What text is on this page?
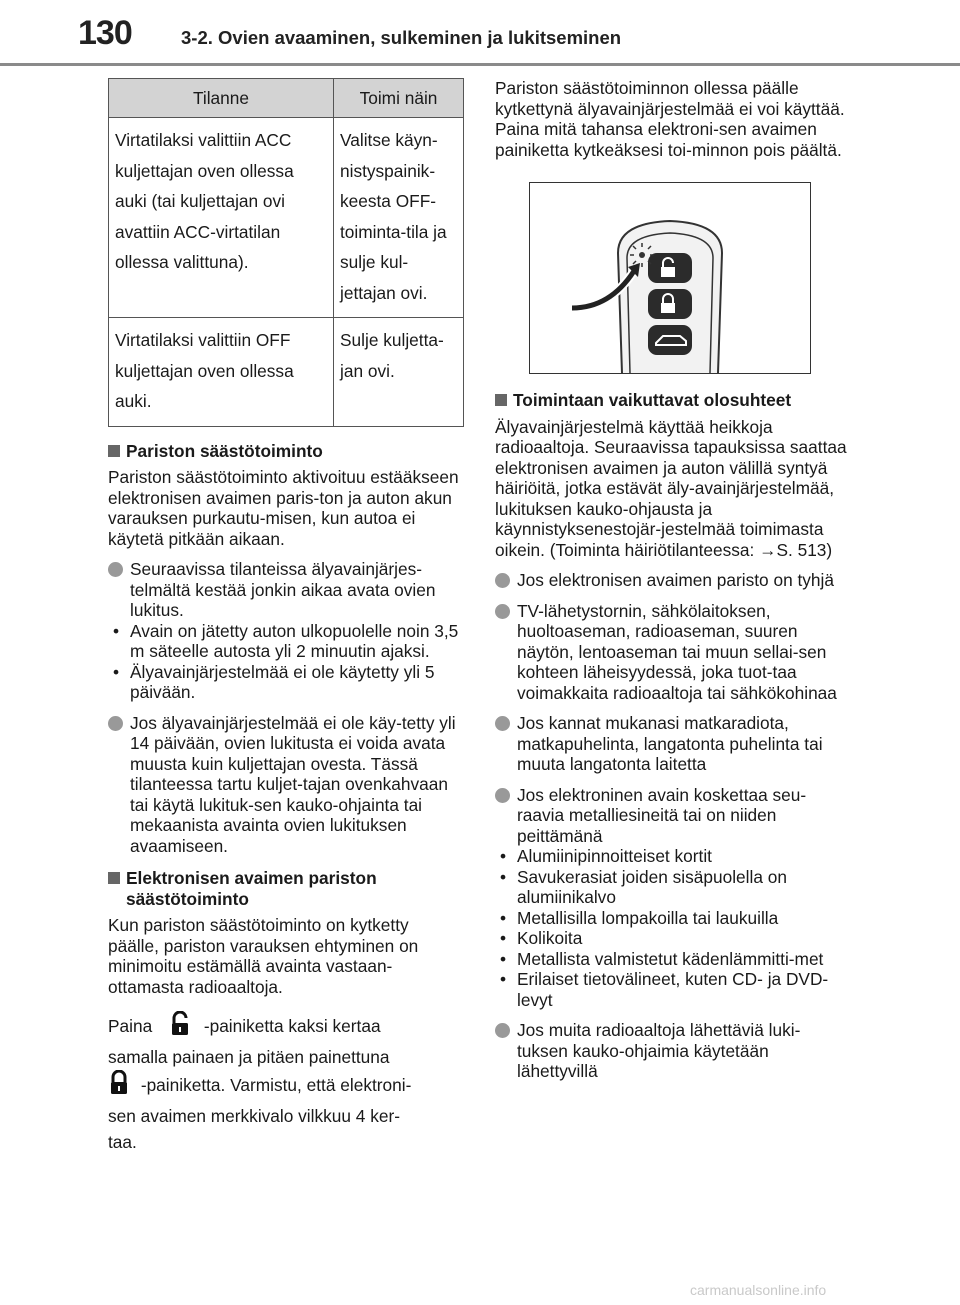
130	3-2. Ovien avaaminen, sulkeminen ja lukitseminen
Tilanne	Toimi näin
Virtatilaksi valittiin ACC kuljettajan oven ollessa auki (tai kuljettajan ovi avattiin ACC-virtatilan ollessa valittuna).	Valitse käyn-nistyspainik-keesta OFF-toiminta-tila ja sulje kul-jettajan ovi.
Virtatilaksi valittiin OFF kuljettajan oven ollessa auki.	Sulje kuljetta-jan ovi.
Pariston säästötoiminto
Pariston säästötoiminto aktivoituu estääkseen elektronisen avaimen paris-ton ja auton akun varauksen purkautu-misen, kun autoa ei käytetä pitkään aikaan.
Seuraavissa tilanteissa älyavainjärjes-telmältä kestää jonkin aikaa avata ovien lukitus.
• Avain on jätetty auton ulkopuolelle noin 3,5 m säteelle autosta yli 2 minuutin ajaksi.
• Älyavainjärjestelmää ei ole käytetty yli 5 päivään.
Jos älyavainjärjestelmää ei ole käy-tetty yli 14 päivään, ovien lukitusta ei voida avata muusta kuin kuljettajan ovesta. Tässä tilanteessa tartu kuljet-tajan ovenkahvaan tai käytä lukituk-sen kauko-ohjainta tai mekaanista avainta ovien lukituksen avaamiseen.
Elektronisen avaimen pariston säästötoiminto
Kun pariston säästötoiminto on kytketty päälle, pariston varauksen ehtyminen on minimoitu estämällä avainta vastaan-ottamasta radioaaltoja.
Paina	-painiketta kaksi kertaa
samalla painaen ja pitäen painettuna
-painiketta. Varmistu, että elektroni-
sen avaimen merkkivalo vilkkuu 4 ker-
taa.
Pariston säästötoiminnon ollessa päälle kytkettynä älyavainjärjestelmää ei voi käyttää. Paina mitä tahansa elektroni-sen avaimen painiketta kytkeäksesi toi-minnon pois päältä.
Toimintaan vaikuttavat olosuhteet
Älyavainjärjestelmä käyttää heikkoja radioaaltoja. Seuraavissa tapauksissa saattaa elektronisen avaimen ja auton välillä syntyä häiriöitä, jotka estävät äly-avainjärjestelmää, lukituksen kauko-ohjausta ja käynnistyksenestojär-jestelmää toimimasta oikein. (Toiminta häiriötilanteessa: →S. 513)
Jos elektronisen avaimen paristo on tyhjä
TV-lähetystornin, sähkölaitoksen, huoltoaseman, radioaseman, suuren näytön, lentoaseman tai muun sellai-sen kohteen läheisyydessä, joka tuot-taa voimakkaita radioaaltoja tai sähkökohinaa
Jos kannat mukanasi matkaradiota, matkapuhelinta, langatonta puhelinta tai muuta langatonta laitetta
Jos elektroninen avain koskettaa seu-raavia metalliesineitä tai on niiden peittämänä
• Alumiinipinnoitteiset kortit
• Savukerasiat joiden sisäpuolella on alumiinikalvo
• Metallisilla lompakoilla tai laukuilla
• Kolikoita
• Metallista valmistetut kädenlämmitti-met
• Erilaiset tietovälineet, kuten CD- ja DVD-levyt
Jos muita radioaaltoja lähettäviä luki-tuksen kauko-ohjaimia käytetään lähettyvillä
carmanualsonline.info
